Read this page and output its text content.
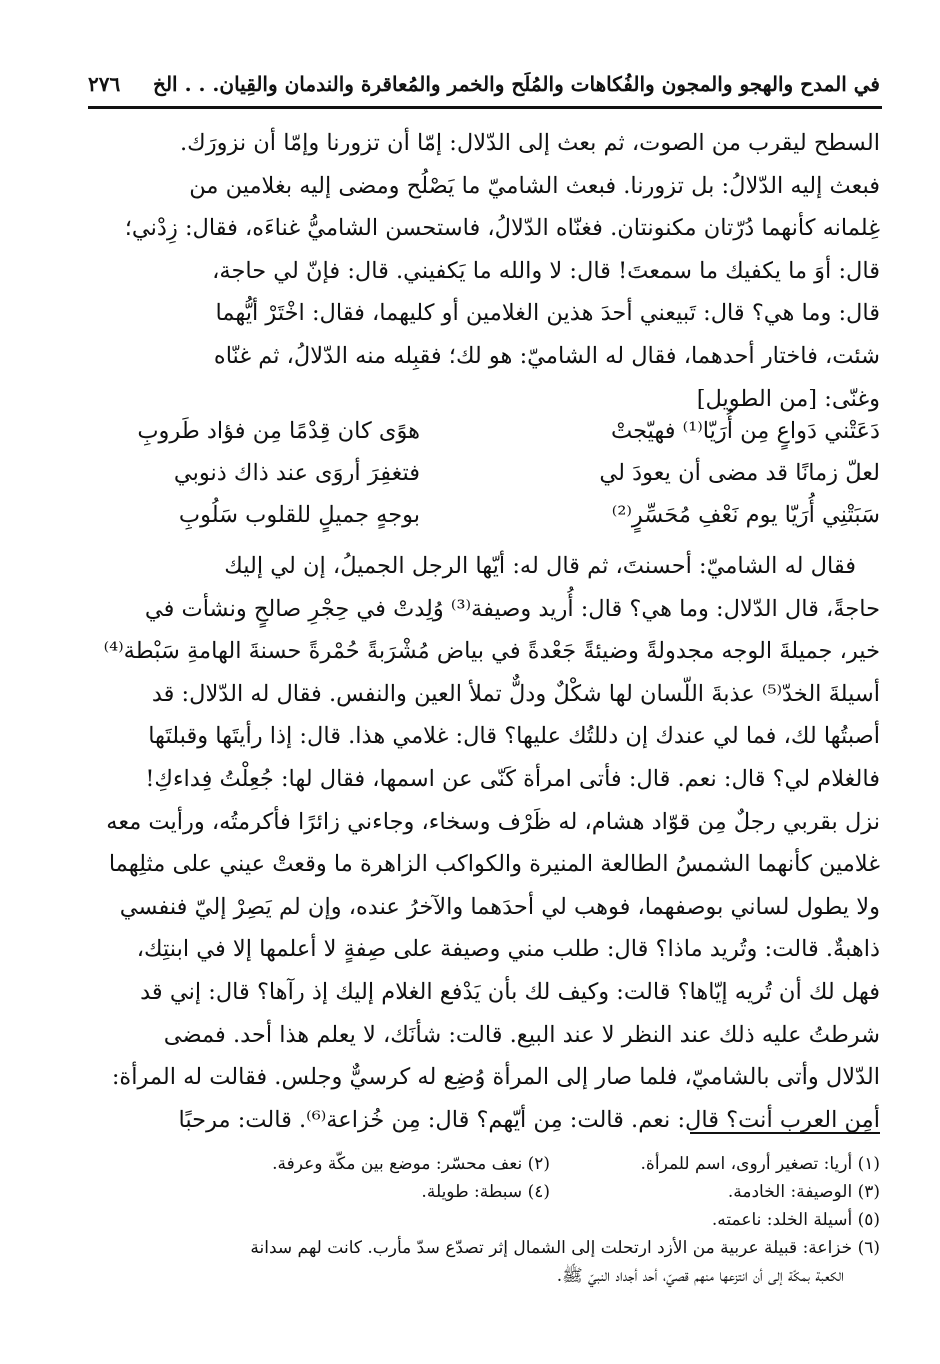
٢٧٦ في المدح والهجو والمجون والفُكاهات والمُلَح والخمر والمُعاقرة والندمان والقِيان. . . الخ

السطح ليقرب من الصوت، ثم بعث إلى الدّلال: إمّا أن تزورنا وإمّا أن نزورَك.

فبعث إليه الدّلالُ: بل تزورنا. فبعث الشاميّ ما يَصْلُح ومضى إليه بغلامين من

غِلمانه كأنهما دُرّتان مكنونتان. فغنّاه الدّلالُ، فاستحسن الشاميُّ غناءَه، فقال: زِدْني؛

قال: أوَ ما يكفيك ما سمعتَ! قال: لا والله ما يَكفيني. قال: فإنّ لي حاجة،

قال: وما هي؟ قال: تَبيعني أحدَ هذين الغلامين أو كليهما، فقال: اخْتَرْ أيُّهما

شئت، فاختار أحدهما، فقال له الشاميّ: هو لك؛ فقبِله منه الدّلالُ، ثم غنّاه

وغنّى: [من الطويل]

دَعَتْني دَواعٍ مِن أُرَيّا⁽¹⁾ فهيّجتْ
هوًى كان قِدْمًا مِن فؤاد طَروبِ
لعلّ زمانًا قد مضى أن يعودَ لي
فتغفِرَ أروَى عند ذاك ذنوبي
سَبَتْنِي أُرَيّا يوم نَعْفِ مُحَسِّرٍ⁽²⁾
بوجهٍ جميلٍ للقلوب سَلُوبِ

فقال له الشاميّ: أحسنتَ، ثم قال له: أيّها الرجل الجميلُ، إن لي إليك

حاجةً، قال الدّلال: وما هي؟ قال: أُريد وصيفة⁽³⁾ وُلِدتْ في حِجْرِ صالحٍ ونشأت في

خير، جميلةَ الوجه مجدولةً وضيئةً جَعْدةً في بياض مُشْرَبةً حُمْرةً حسنةَ الهامةِ سَبْطة⁽⁴⁾

أسيلةَ الخدّ⁽⁵⁾ عذبةَ اللّسان لها شكْلٌ ودلٌّ تملأ العين والنفس. فقال له الدّلال: قد

أصبتُها لك، فما لي عندك إن دللتُك عليها؟ قال: غلامي هذا. قال: إذا رأيتَها وقبلتَها

فالغلام لي؟ قال: نعم. قال: فأتى امرأة كَنّى عن اسمها، فقال لها: جُعِلْتُ فِداءكِ!

نزل بقربي رجلٌ مِن قوّاد هشام، له ظَرْف وسخاء، وجاءني زائرًا فأكرمتُه، ورأيت معه

غلامين كأنهما الشمسُ الطالعة المنيرة والكواكب الزاهرة ما وقعتْ عيني على مثلِهما

ولا يطول لساني بوصفهما، فوهب لي أحدَهما والآخرُ عنده، وإن لم يَصِرْ إليّ فنفسي

ذاهبةٌ. قالت: وتُريد ماذا؟ قال: طلب مني وصيفة على صِفةٍ لا أعلمها إلا في ابنتِك،

فهل لك أن تُريه إيّاها؟ قالت: وكيف لك بأن يَدْفع الغلام إليك إذ رآها؟ قال: إني قد

شرطتُ عليه ذلك عند النظر لا عند البيع. قالت: شأنَك، لا يعلم هذا أحد. فمضى

الدّلال وأتى بالشاميّ، فلما صار إلى المرأة وُضِع له كرسيٌّ وجلس. فقالت له المرأة:

أمِن العرب أنت؟ قال: نعم. قالت: مِن أيّهم؟ قال: مِن خُزاعة⁽⁶⁾. قالت: مرحبًا

(١) أريا: تصغير أروى، اسم للمرأة.
(٢) نعف محسّر: موضع بين مكّة وعرفة.
(٣) الوصيفة: الخادمة.
(٤) سبطة: طويلة.
(٥) أسيلة الخلد: ناعمته.
(٦) خزاعة: قبيلة عربية من الأزد ارتحلت إلى الشمال إثر تصدّع سدّ مأرب. كانت لهم سدانة
الكعبة بمكّة إلى أن انتزعها منهم قصيّ، أحد أجداد النبيّ ﷺ.
